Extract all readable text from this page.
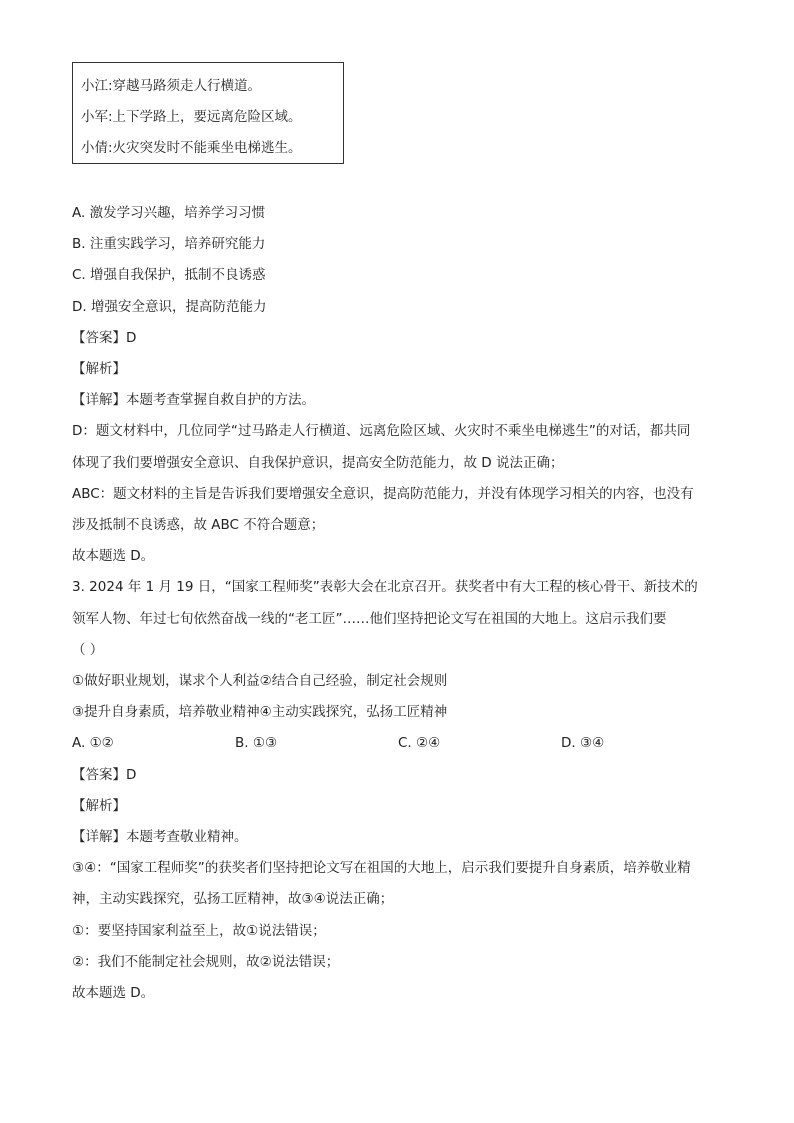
小江:穿越马路须走人行横道。
小军:上下学路上，要远离危险区域。
小倩:火灾突发时不能乘坐电梯逃生。
A. 激发学习兴趣，培养学习习惯
B. 注重实践学习，培养研究能力
C. 增强自我保护，抵制不良诱惑
D. 增强安全意识，提高防范能力
【答案】D
【解析】
【详解】本题考查掌握自救自护的方法。
D：题文材料中，几位同学“过马路走人行横道、远离危险区域、火灾时不乘坐电梯逃生”的对话，都共同
体现了我们要增强安全意识、自我保护意识，提高安全防范能力，故 D 说法正确；
ABC：题文材料的主旨是告诉我们要增强安全意识，提高防范能力，并没有体现学习相关的内容，也没有
涉及抵制不良诱惑，故 ABC 不符合题意；
故本题选 D。
3. 2024 年 1 月 19 日，“国家工程师奖”表彰大会在北京召开。获奖者中有大工程的核心骨干、新技术的
领军人物、年过七旬依然奋战一线的“老工匠”……他们坚持把论文写在祖国的大地上。这启示我们要
（ ）
①做好职业规划，谋求个人利益②结合自己经验，制定社会规则
③提升自身素质，培养敬业精神④主动实践探究，弘扬工匠精神
A. ①②	B. ①③	C. ②④	D. ③④
【答案】D
【解析】
【详解】本题考查敬业精神。
③④：“国家工程师奖”的获奖者们坚持把论文写在祖国的大地上，启示我们要提升自身素质，培养敬业精
神，主动实践探究，弘扬工匠精神，故③④说法正确；
①：要坚持国家利益至上，故①说法错误；
②：我们不能制定社会规则，故②说法错误；
故本题选 D。
